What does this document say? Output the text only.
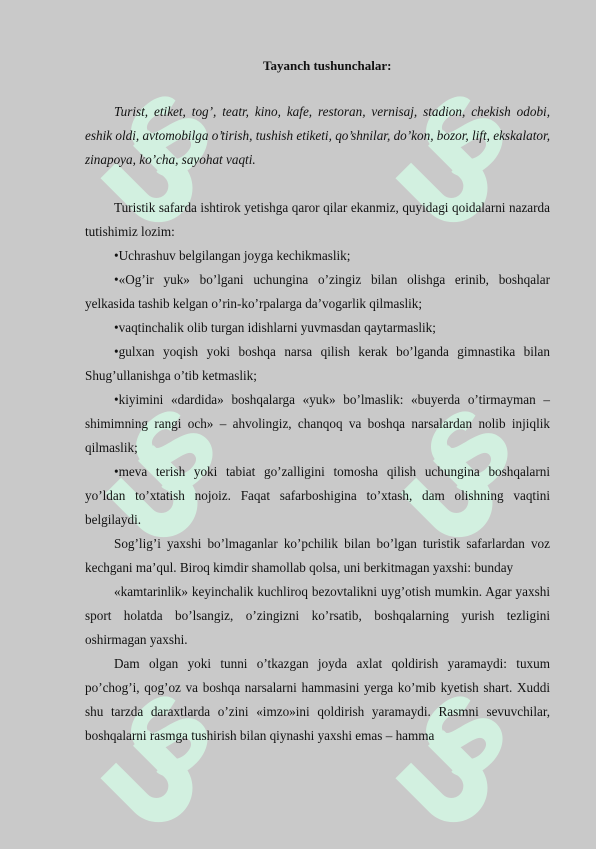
Tayanch tushunchalar:

Turist, etiket, tog’, teatr, kino, kafe, restoran, vernisaj, stadion, chekish odobi, eshik oldi, avtomobilga o’tirish, tushish etiketi, qo’shnilar, do’kon, bozor, lift, ekskalator, zinapoya, ko’cha, sayohat vaqti.

Turistik safarda ishtirok yetishga qaror qilar ekanmiz, quyidagi qoidalarni nazarda tutishimiz lozim:

• Uchrashuv belgilangan joyga kechikmaslik;

• «Og’ir yuk» bo’lgani uchungina o’zingiz bilan olishga erinib, boshqalar yelkasida tashib kelgan o’rin-ko’rpalarga da’vogarlik qilmaslik;

• vaqtinchalik olib turgan idishlarni yuvmasdan qaytarmaslik;

• gulxan yoqish yoki boshqa narsa qilish kerak bo’lganda gimnastika bilan Shug’ullanishga o’tib ketmaslik;

• kiyimini «dardida» boshqalarga «yuk» bo’lmaslik: «buyerda o’tirmayman – shimimning rangi och» – ahvolingiz, chanqoq va boshqa narsalardan nolib injiqlik qilmaslik;

• meva terish yoki tabiat go’zalligini tomosha qilish uchungina boshqalarni yo’ldan to’xtatish nojoiz. Faqat safarboshigina to’xtash, dam olishning vaqtini belgilaydi.

Sog’lig’i yaxshi bo’lmaganlar ko’pchilik bilan bo’lgan turistik safarlardan voz kechgani ma’qul. Biroq kimdir shamollab qolsa, uni berkitmagan yaxshi: bunday

«kamtarinlik» keyinchalik kuchliroq bezovtalikni uyg’otish mumkin. Agar yaxshi sport holatda bo’lsangiz, o’zingizni ko’rsatib, boshqalarning yurish tezligini oshirmagan yaxshi.

Dam olgan yoki tunni o’tkazgan joyda axlat qoldirish yaramaydi: tuxum po’chog’i, qog’oz va boshqa narsalarni hammasini yerga ko’mib kyetish shart. Xuddi shu tarzda daraxtlarda o’zini «imzo»ini qoldirish yaramaydi. Rasmni sevuvchilar, boshqalarni rasmga tushirish bilan qiynashi yaxshi emas – hamma
